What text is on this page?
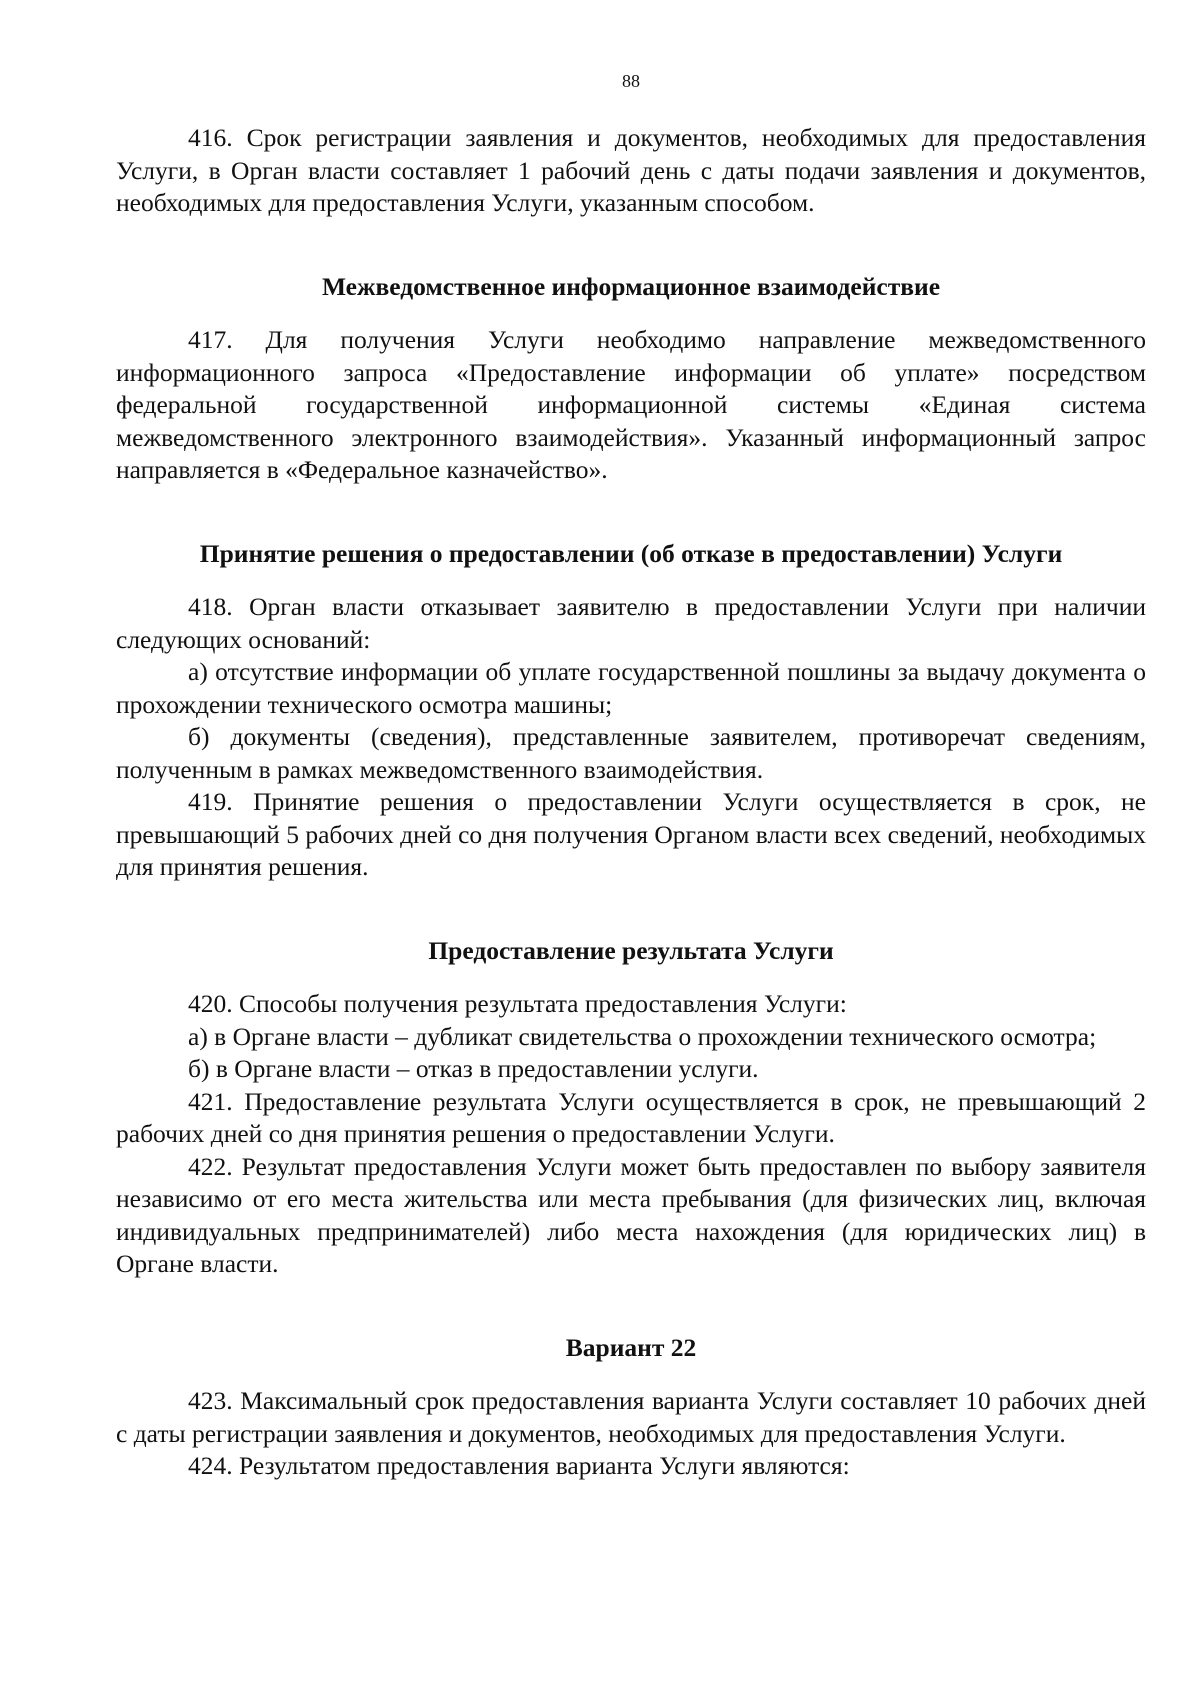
88

416. Срок регистрации заявления и документов, необходимых для предоставления Услуги, в Орган власти составляет 1 рабочий день с даты подачи заявления и документов, необходимых для предоставления Услуги, указанным способом.

Межведомственное информационное взаимодействие

417. Для получения Услуги необходимо направление межведомственного информационного запроса «Предоставление информации об уплате» посредством федеральной государственной информационной системы «Единая система межведомственного электронного взаимодействия». Указанный информационный запрос направляется в «Федеральное казначейство».

Принятие решения о предоставлении (об отказе в предоставлении) Услуги

418. Орган власти отказывает заявителю в предоставлении Услуги при наличии следующих оснований:

а) отсутствие информации об уплате государственной пошлины за выдачу документа о прохождении технического осмотра машины;

б) документы (сведения), представленные заявителем, противоречат сведениям, полученным в рамках межведомственного взаимодействия.

419. Принятие решения о предоставлении Услуги осуществляется в срок, не превышающий 5 рабочих дней со дня получения Органом власти всех сведений, необходимых для принятия решения.

Предоставление результата Услуги

420. Способы получения результата предоставления Услуги:

а) в Органе власти – дубликат свидетельства о прохождении технического осмотра;

б) в Органе власти – отказ в предоставлении услуги.

421. Предоставление результата Услуги осуществляется в срок, не превышающий 2 рабочих дней со дня принятия решения о предоставлении Услуги.

422. Результат предоставления Услуги может быть предоставлен по выбору заявителя независимо от его места жительства или места пребывания (для физических лиц, включая индивидуальных предпринимателей) либо места нахождения (для юридических лиц) в Органе власти.

Вариант 22

423. Максимальный срок предоставления варианта Услуги составляет 10 рабочих дней с даты регистрации заявления и документов, необходимых для предоставления Услуги.

424. Результатом предоставления варианта Услуги являются:
